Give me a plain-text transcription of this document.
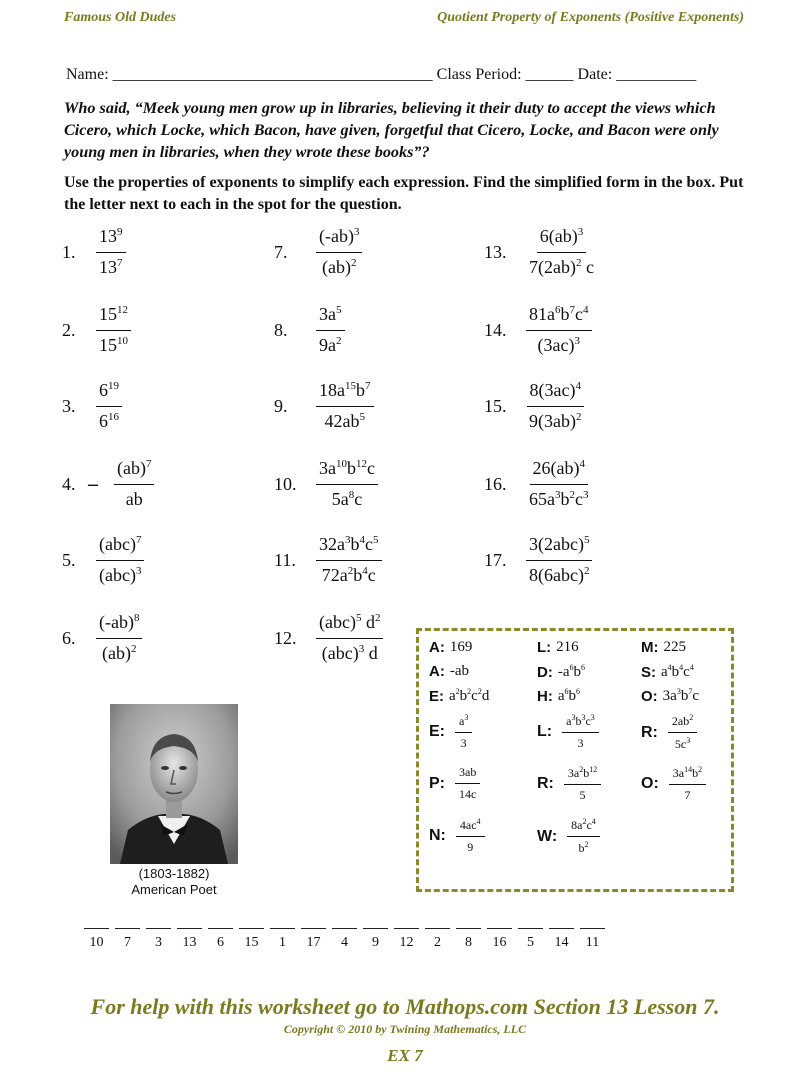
Famous Old Dudes	Quotient Property of Exponents (Positive Exponents)
Name: ________________________________________ Class Period: ______ Date: __________
Who said, “Meek young men grow up in libraries, believing it their duty to accept the views which Cicero, which Locke, which Bacon, have given, forgetful that Cicero, Locke, and Bacon were only young men in libraries, when they wrote these books”?
Use the properties of exponents to simplify each expression. Find the simplified form in the box. Put the letter next to each in the spot for the question.
1.	$\frac{13^9}{13^7}$
2.	$\frac{15^{12}}{15^{10}}$
3.	$\frac{6^{19}}{6^{16}}$
4. – $\frac{(ab)^7}{ab}$
5.	$\frac{(abc)^7}{(abc)^3}$
6.	$\frac{(-ab)^8}{(ab)^2}$
7.	$\frac{(-ab)^3}{(ab)^2}$
8.	$\frac{3a^5}{9a^2}$
9.	$\frac{18a^{15}b^7}{42ab^5}$
10.	$\frac{3a^{10}b^{12}c}{5a^8c}$
11.	$\frac{32a^3b^4c^5}{72a^2b^4c}$
12.	$\frac{(abc)^5 d^2}{(abc)^3 d}$
13.	$\frac{6(ab)^3}{7(2ab)^2 c}$
14.	$\frac{81a^6b^7c^4}{(3ac)^3}$
15.	$\frac{8(3ac)^4}{9(3ab)^2}$
16.	$\frac{26(ab)^4}{65a^3b^2c^3}$
17.	$\frac{3(2abc)^5}{8(6abc)^2}$
A: 169	L: 216	M: 225
A: -ab	D: $-a^6b^6$	S: $a^4b^4c^4$
E: $a^2b^2c^2d$	H: $a^6b^6$	O: $3a^3b^7c$
E: $\frac{a^3}{3}$	L: $\frac{a^3b^3c^3}{3}$	R: $\frac{2ab^2}{5c^3}$
P: $\frac{3ab}{14c}$	R: $\frac{3a^2b^{12}}{5} O$: $\frac{3a^{14}b^2}{7}$
N: $\frac{4ac^4}{9}$	W: $\frac{8a^2c^4}{b^2}$
(1803-1882)
American Poet
10	7	3	13	6	15	1	17	4	9	12	2	8	16	5	14	11
For help with this worksheet go to Mathops.com Section 13 Lesson 7.
Copyright © 2010 by Twining Mathematics, LLC
EX 7
